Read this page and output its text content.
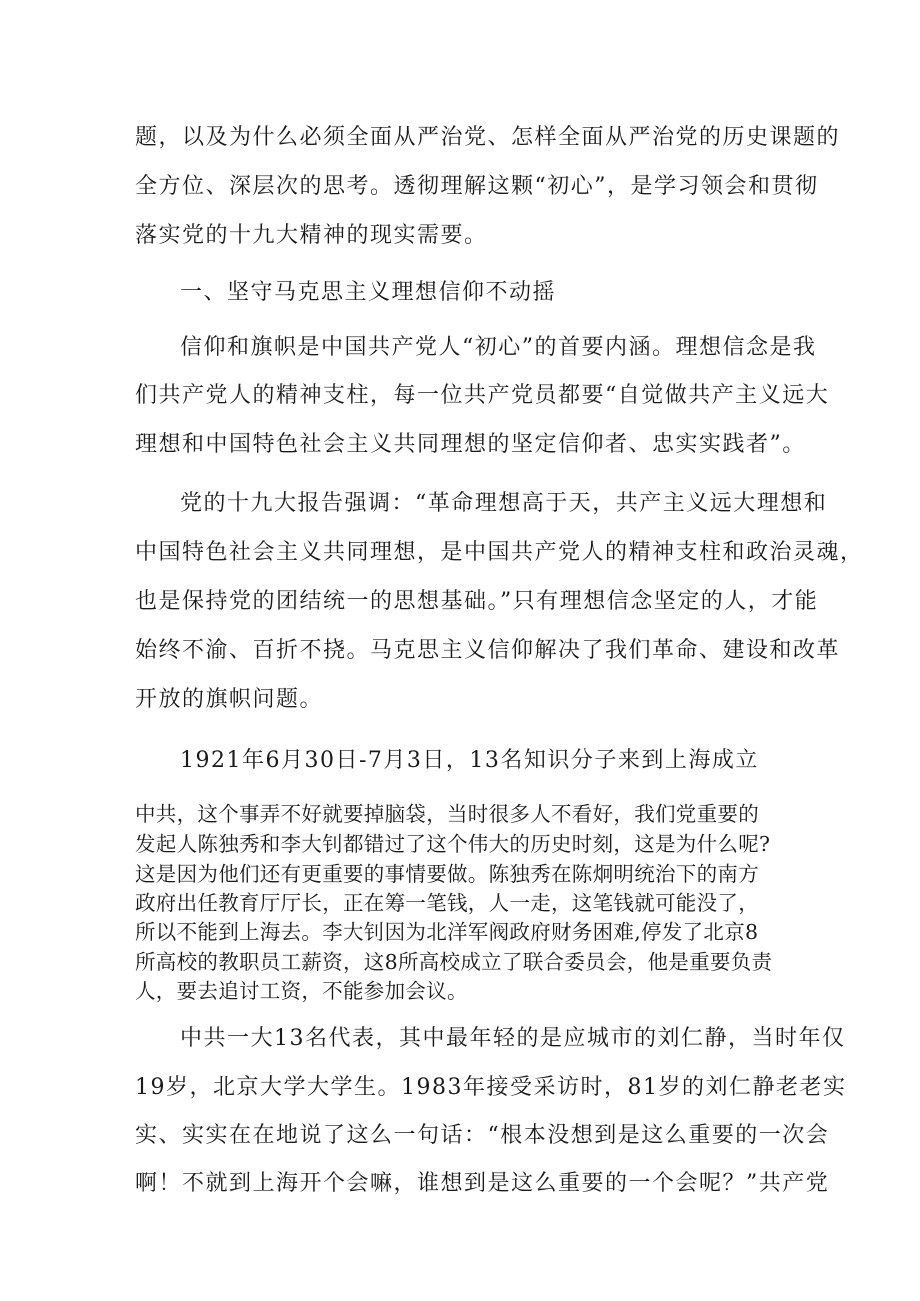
题，以及为什么必须全面从严治党、怎样全面从严治党的历史课题的
全方位、深层次的思考。透彻理解这颗“初心”，是学习领会和贯彻
落实党的十九大精神的现实需要。
一、坚守马克思主义理想信仰不动摇
信仰和旗帜是中国共产党人“初心”的首要内涵。理想信念是我
们共产党人的精神支柱，每一位共产党员都要“自觉做共产主义远大
理想和中国特色社会主义共同理想的坚定信仰者、忠实实践者”。
党的十九大报告强调：“革命理想高于天，共产主义远大理想和
中国特色社会主义共同理想，是中国共产党人的精神支柱和政治灵魂，
也是保持党的团结统一的思想基础。”只有理想信念坚定的人，才能
始终不渝、百折不挠。马克思主义信仰解决了我们革命、建设和改革
开放的旗帜问题。
1921年6月30日-7月3日，13名知识分子来到上海成立
中共，这个事弄不好就要掉脑袋，当时很多人不看好，我们党重要的
发起人陈独秀和李大钊都错过了这个伟大的历史时刻，这是为什么呢?
这是因为他们还有更重要的事情要做。陈独秀在陈炯明统治下的南方
政府出任教育厅厅长，正在筹一笔钱，人一走，这笔钱就可能没了，
所以不能到上海去。李大钊因为北洋军阀政府财务困难,停发了北京8
所高校的教职员工薪资，这8所高校成立了联合委员会，他是重要负责
人，要去追讨工资，不能参加会议。
中共一大13名代表，其中最年轻的是应城市的刘仁静，当时年仅
19岁，北京大学大学生。1983年接受采访时，81岁的刘仁静老老实
实、实实在在地说了这么一句话：“根本没想到是这么重要的一次会
啊！不就到上海开个会嘛，谁想到是这么重要的一个会呢？”共产党
